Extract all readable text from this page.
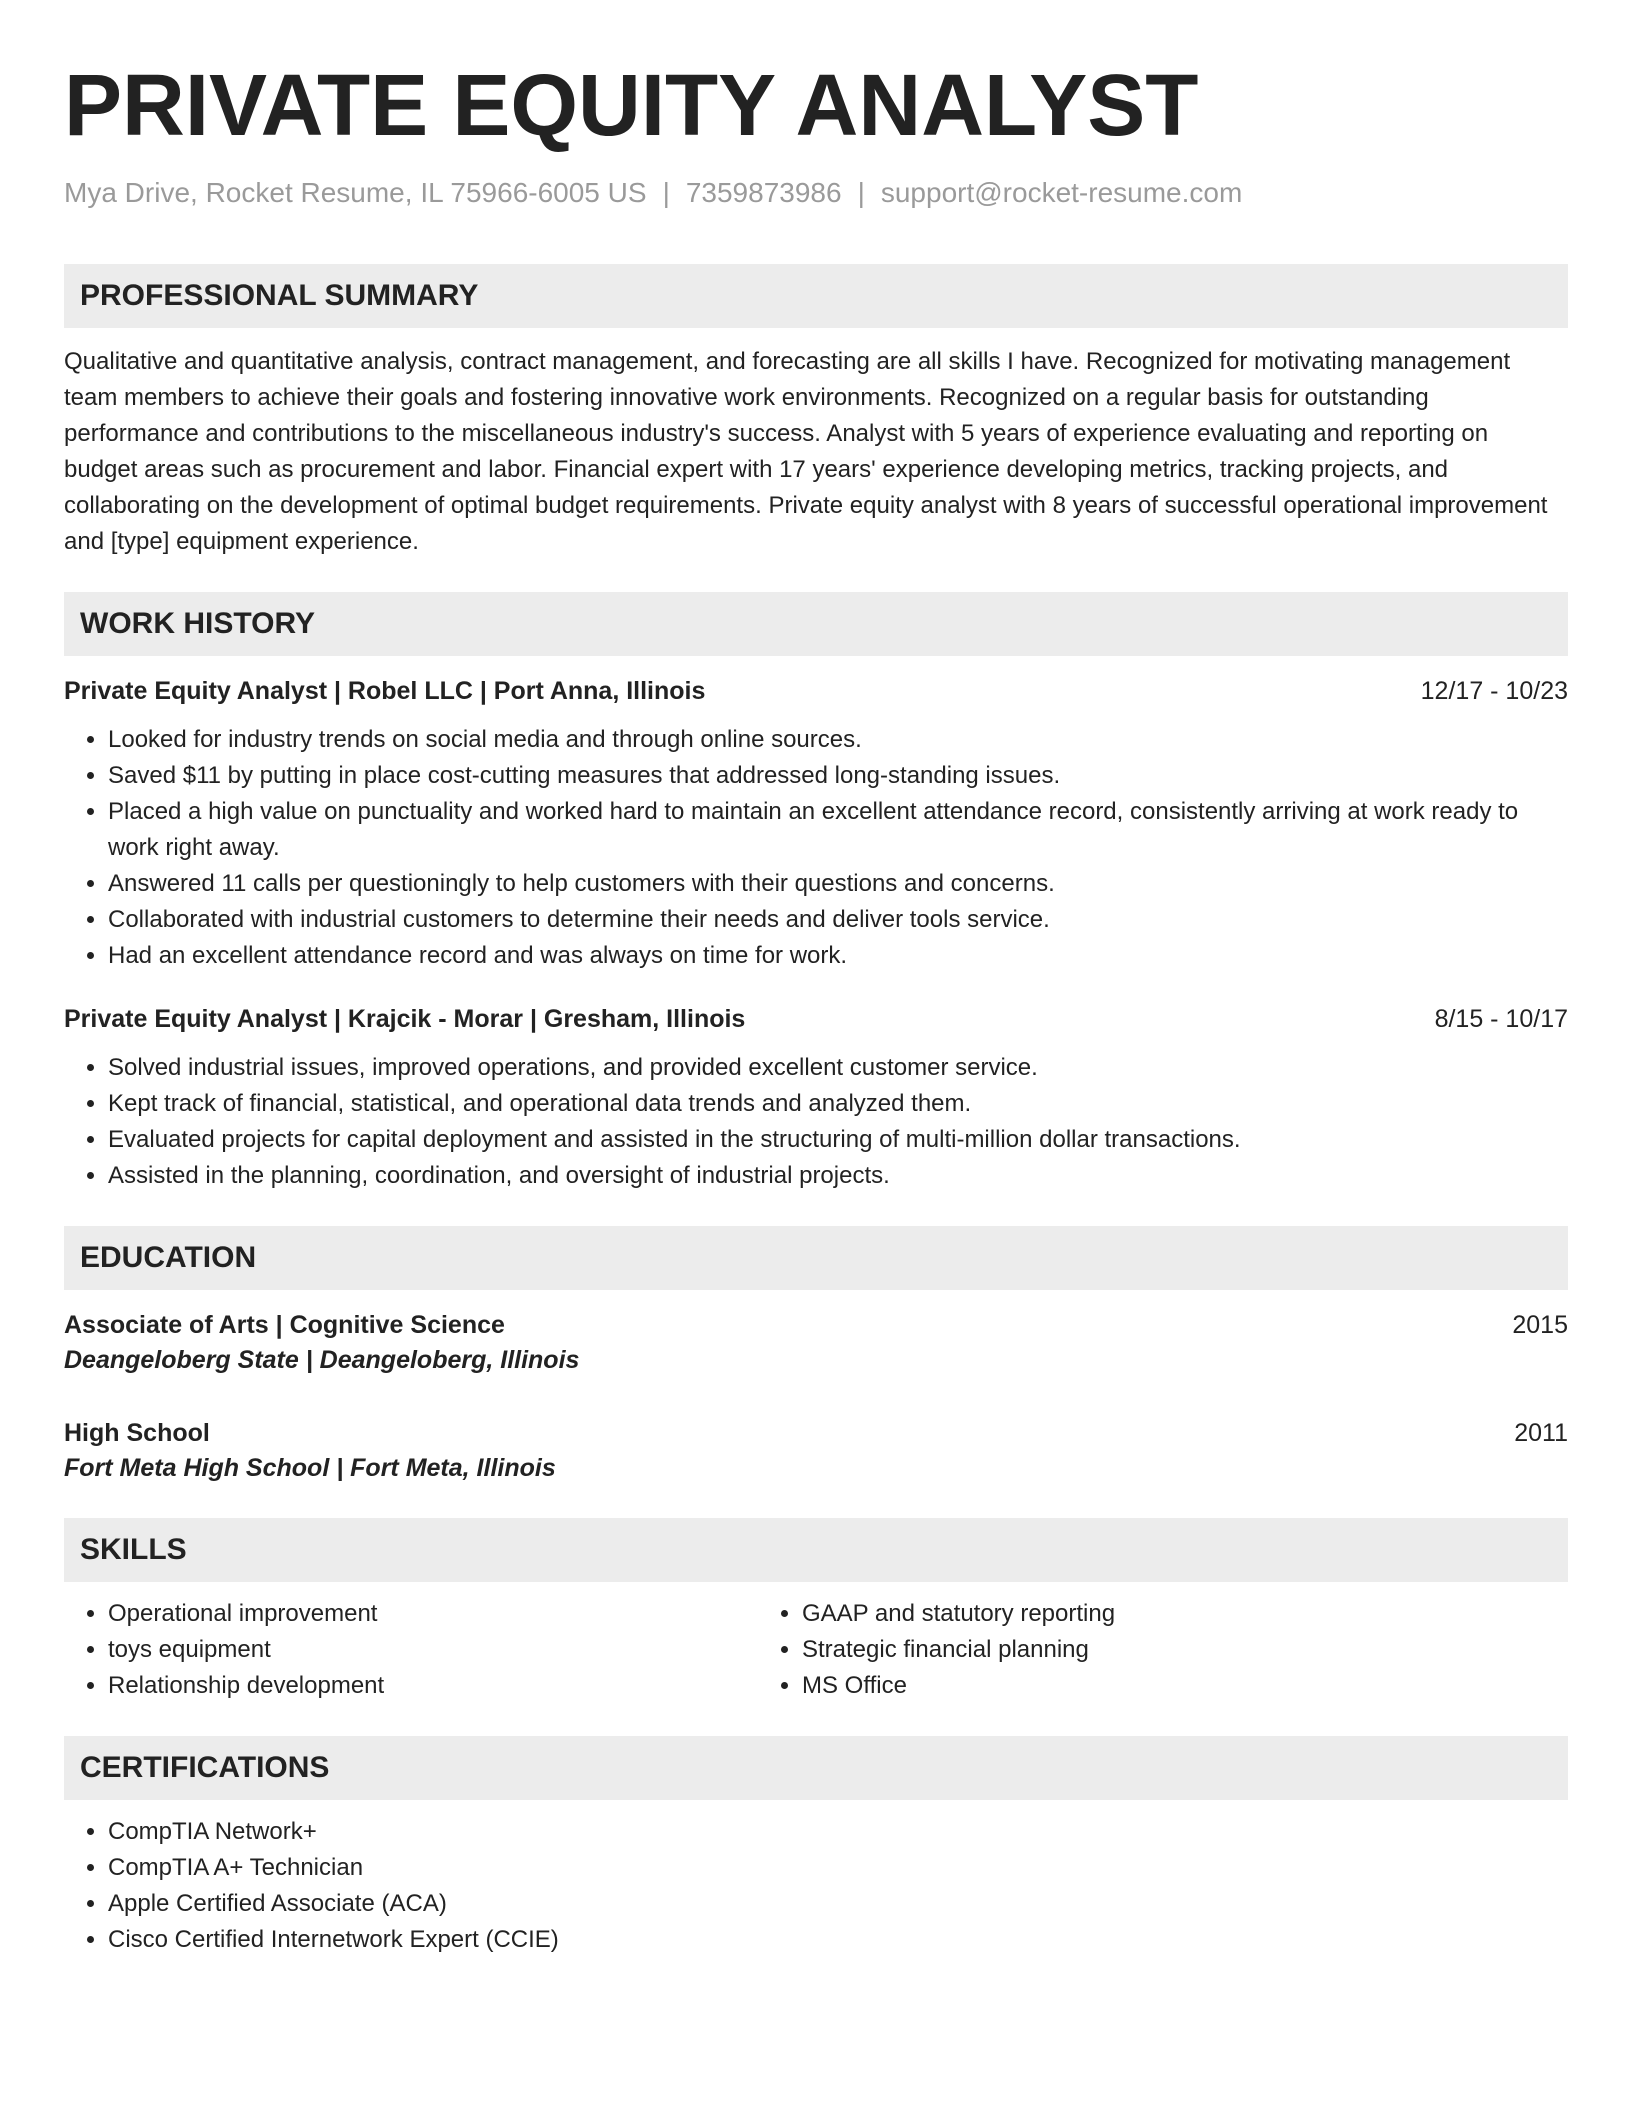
PRIVATE EQUITY ANALYST
Mya Drive, Rocket Resume, IL 75966-6005 US | 7359873986 | support@rocket-resume.com
PROFESSIONAL SUMMARY
Qualitative and quantitative analysis, contract management, and forecasting are all skills I have. Recognized for motivating management team members to achieve their goals and fostering innovative work environments. Recognized on a regular basis for outstanding performance and contributions to the miscellaneous industry's success. Analyst with 5 years of experience evaluating and reporting on budget areas such as procurement and labor. Financial expert with 17 years' experience developing metrics, tracking projects, and collaborating on the development of optimal budget requirements. Private equity analyst with 8 years of successful operational improvement and [type] equipment experience.
WORK HISTORY
Private Equity Analyst | Robel LLC | Port Anna, Illinois	12/17 - 10/23
• Looked for industry trends on social media and through online sources.
• Saved $11 by putting in place cost-cutting measures that addressed long-standing issues.
• Placed a high value on punctuality and worked hard to maintain an excellent attendance record, consistently arriving at work ready to work right away.
• Answered 11 calls per questioningly to help customers with their questions and concerns.
• Collaborated with industrial customers to determine their needs and deliver tools service.
• Had an excellent attendance record and was always on time for work.
Private Equity Analyst | Krajcik - Morar | Gresham, Illinois	8/15 - 10/17
• Solved industrial issues, improved operations, and provided excellent customer service.
• Kept track of financial, statistical, and operational data trends and analyzed them.
• Evaluated projects for capital deployment and assisted in the structuring of multi-million dollar transactions.
• Assisted in the planning, coordination, and oversight of industrial projects.
EDUCATION
Associate of Arts | Cognitive Science	2015
Deangeloberg State | Deangeloberg, Illinois
High School	2011
Fort Meta High School | Fort Meta, Illinois
SKILLS
• Operational improvement
• toys equipment
• Relationship development
• GAAP and statutory reporting
• Strategic financial planning
• MS Office
CERTIFICATIONS
• CompTIA Network+
• CompTIA A+ Technician
• Apple Certified Associate (ACA)
• Cisco Certified Internetwork Expert (CCIE)
